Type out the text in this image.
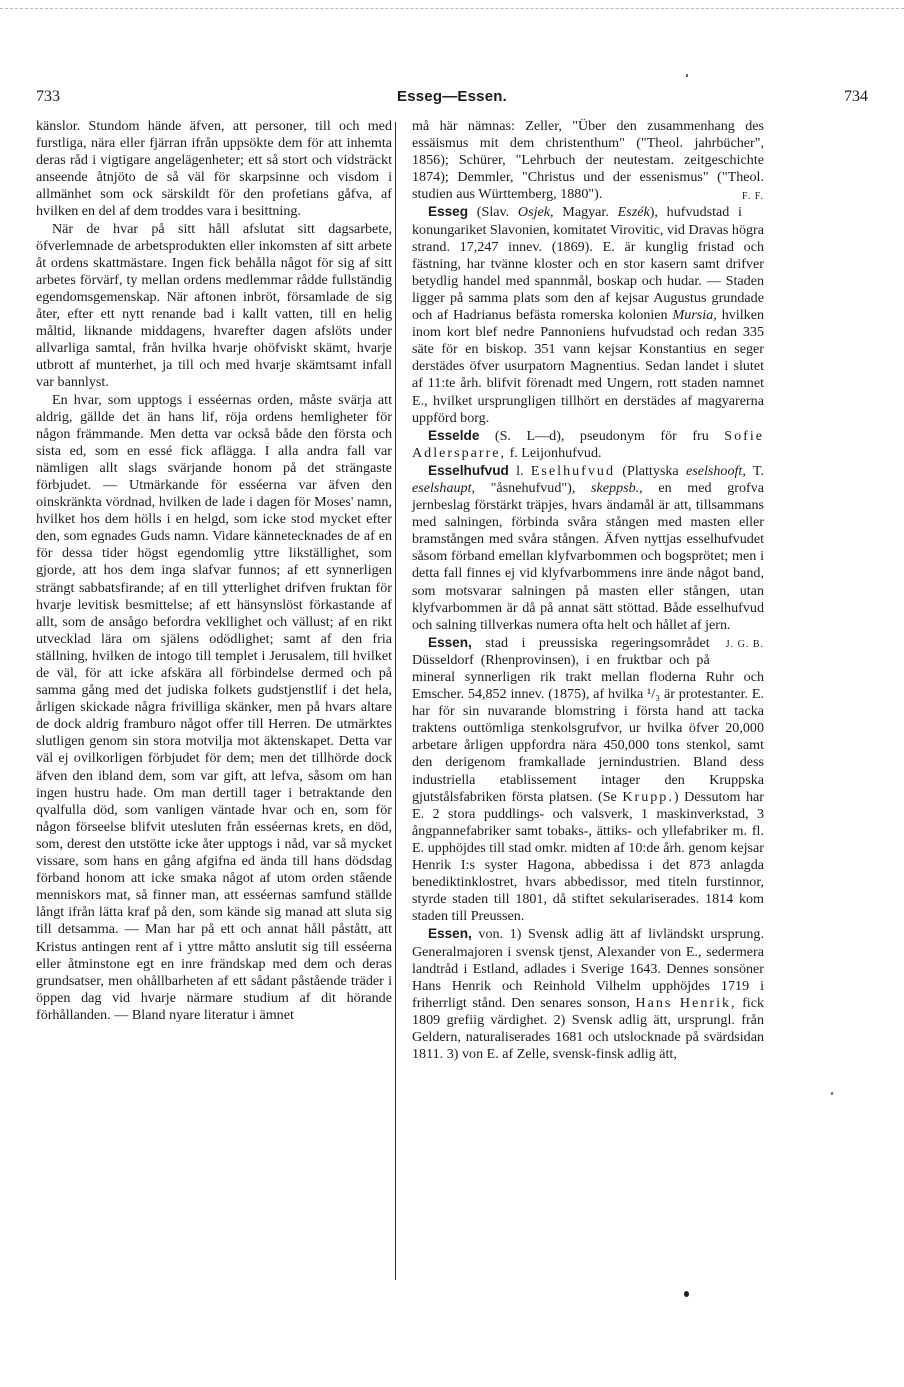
733	Esseg—Essen.	734

känslor. Stundom hände äfven, att personer, till och med furstliga, nära eller fjärran ifrån uppsökte dem för att inhemta deras råd i vigtigare angelägenheter; ett så stort och vidsträckt anseende åtnjöto de så väl för skarpsinne och visdom i allmänhet som ock särskildt för den profetians gåfva, af hvilken en del af dem troddes vara i besittning.

När de hvar på sitt håll afslutat sitt dagsarbete, öfverlemnade de arbetsprodukten eller inkomsten af sitt arbete åt ordens skattmästare. Ingen fick behålla något för sig af sitt arbetes förvärf, ty mellan ordens medlemmar rådde fullständig egendomsgemenskap. När aftonen inbröt, församlade de sig åter, efter ett nytt renande bad i kallt vatten, till en helig måltid, liknande middagens, hvarefter dagen afslöts under allvarliga samtal, från hvilka hvarje ohöfviskt skämt, hvarje utbrott af munterhet, ja till och med hvarje skämtsamt infall var bannlyst.

En hvar, som upptogs i esséernas orden, måste svärja att aldrig, gällde det än hans lif, röja ordens hemligheter för någon främmande. Men detta var också både den första och sista ed, som en essé fick aflägga. I alla andra fall var nämligen allt slags svärjande honom på det strängaste förbjudet. — Utmärkande för esséerna var äfven den oinskränkta vördnad, hvilken de lade i dagen för Moses' namn, hvilket hos dem hölls i en helgd, som icke stod mycket efter den, som egnades Guds namn. Vidare kännetecknades de af en för dessa tider högst egendomlig yttre likställighet, som gjorde, att hos dem inga slafvar funnos; af ett synnerligen strängt sabbatsfirande; af en till ytterlighet drifven fruktan för hvarje levitisk besmittelse; af ett hänsynslöst förkastande af allt, som de ansågo befordra vekllighet och vällust; af en rikt utvecklad lära om själens odödlighet; samt af den fria ställning, hvilken de intogo till templet i Jerusalem, till hvilket de väl, för att icke afskära all förbindelse dermed och på samma gång med det judiska folkets gudstjenstlif i det hela, årligen skickade några frivilliga skänker, men på hvars altare de dock aldrig framburo något offer till Herren. De utmärktes slutligen genom sin stora motvilja mot äktenskapet. Detta var väl ej ovilkorligen förbjudet för dem; men det tillhörde dock äfven den ibland dem, som var gift, att lefva, såsom om han ingen hustru hade. Om man dertill tager i betraktande den qvalfulla död, som vanligen väntade hvar och en, som för någon förseelse blifvit utesluten från esséernas krets, en död, som, derest den utstötte icke åter upptogs i nåd, var så mycket vissare, som hans en gång afgifna ed ända till hans dödsdag förband honom att icke smaka något af utom orden stående menniskors mat, så finner man, att esséernas samfund ställde långt ifrån lätta kraf på den, som kände sig manad att sluta sig till detsamma. — Man har på ett och annat håll påstått, att Kristus antingen rent af i yttre måtto anslutit sig till esséerna eller åtminstone egt en inre frändskap med dem och deras grundsatser, men ohållbarheten af ett sådant påstående träder i öppen dag vid hvarje närmare studium af dit hörande förhållanden. — Bland nyare literatur i ämnet

må här nämnas: Zeller, "Über den zusammenhang des essäismus mit dem christenthum" ("Theol. jahrbücher", 1856); Schürer, "Lehrbuch der neutestam. zeitgeschichte 1874); Demmler, "Christus und der essenismus" ("Theol. studien aus Württemberg, 1880").	F. F.

Esseg (Slav. Osjek, Magyar. Eszék), hufvudstad i konungariket Slavonien, komitatet Virovitic, vid Dravas högra strand. 17,247 innev. (1869). E. är kunglig fristad och fästning, har tvänne kloster och en stor kasern samt drifver betydlig handel med spannmål, boskap och hudar. — Staden ligger på samma plats som den af kejsar Augustus grundade och af Hadrianus befästa romerska kolonien Mursia, hvilken inom kort blef nedre Pannoniens hufvudstad och redan 335 säte för en biskop. 351 vann kejsar Konstantius en seger derstädes öfver usurpatorn Magnentius. Sedan landet i slutet af 11:te årh. blifvit förenadt med Ungern, rott staden namnet E., hvilket ursprungligen tillhört en derstädes af magyarerna uppförd borg.

Esselde (S. L—d), pseudonym för fru Sofie Adlersparre, f. Leijonhufvud.

Esselhufvud l. Eselhufvud (Plattyska eselshooft, T. eselshaupt, "åsnehufvud"), skeppsb., en med grofva jernbeslag förstärkt träpjes, hvars ändamål är att, tillsammans med salningen, förbinda svåra stången med masten eller bramstången med svåra stången. Äfven nyttjas esselhufvudet såsom förband emellan klyfvarbommen och bogsprötet; men i detta fall finnes ej vid klyfvarbommens inre ände något band, som motsvarar salningen på masten eller stången, utan klyfvarbommen är då på annat sätt stöttad. Både esselhufvud och salning tillverkas numera ofta helt och hållet af jern.
J. G. B.

Essen, stad i preussiska regeringsområdet Düsseldorf (Rhenprovinsen), i en fruktbar och på mineral synnerligen rik trakt mellan floderna Ruhr och Emscher. 54,852 innev. (1875), af hvilka ¹/₃ är protestanter. E. har för sin nuvarande blomstring i första hand att tacka traktens outtömliga stenkolsgrufvor, ur hvilka öfver 20,000 arbetare årligen uppfordra nära 450,000 tons stenkol, samt den derigenom framkallade jernindustrien. Bland dess industriella etablissement intager den Kruppska gjutstålsfabriken första platsen. (Se Krupp.) Dessutom har E. 2 stora puddlings- och valsverk, 1 maskinverkstad, 3 ångpannefabriker samt tobaks-, ättiks- och yllefabriker m. fl. E. upphöjdes till stad omkr. midten af 10:de årh. genom kejsar Henrik I:s syster Hagona, abbedissa i det 873 anlagda benediktinklostret, hvars abbedissor, med titeln furstinnor, styrde staden till 1801, då stiftet sekulariserades. 1814 kom staden till Preussen.

Essen, von. 1) Svensk adlig ätt af livländskt ursprung. Generalmajoren i svensk tjenst, Alexander von E., sedermera landtråd i Estland, adlades i Sverige 1643. Dennes sonsöner Hans Henrik och Reinhold Vilhelm upphöjdes 1719 i friherrligt stånd. Den senares sonson, Hans Henrik, fick 1809 grefiig värdighet. 2) Svensk adlig ätt, ursprungl. från Geldern, naturaliserades 1681 och utslocknade på svärdsidan 1811. 3) von E. af Zelle, svensk-finsk adlig ätt,
